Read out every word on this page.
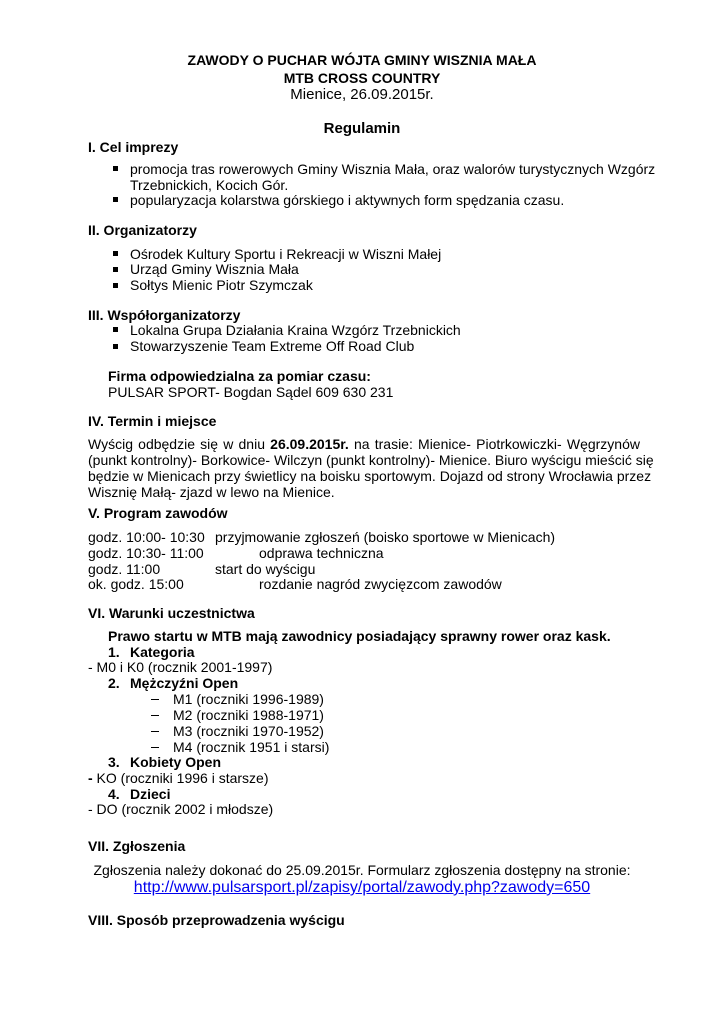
ZAWODY O PUCHAR WÓJTA GMINY WISZNIA MAŁA
MTB CROSS COUNTRY
Mienice, 26.09.2015r.
Regulamin
I. Cel imprezy
promocja tras rowerowych Gminy Wisznia Mała, oraz walorów turystycznych Wzgórz
Trzebnickich, Kocich Gór.
popularyzacja kolarstwa górskiego i aktywnych form spędzania czasu.
II. Organizatorzy
Ośrodek Kultury Sportu i Rekreacji w Wiszni Małej
Urząd Gminy Wisznia Mała
Sołtys Mienic Piotr Szymczak
III. Współorganizatorzy
Lokalna Grupa Działania Kraina Wzgórz Trzebnickich
Stowarzyszenie Team Extreme Off Road Club
Firma odpowiedzialna za pomiar czasu:
PULSAR SPORT- Bogdan Sądel 609 630 231
IV. Termin i miejsce
Wyścig odbędzie się w dniu 26.09.2015r. na trasie: Mienice- Piotrkowiczki- Węgrzynów
(punkt kontrolny)- Borkowice- Wilczyn (punkt kontrolny)- Mienice. Biuro wyścigu mieścić się
będzie w Mienicach przy świetlicy na boisku sportowym. Dojazd od strony Wrocławia przez
Wisznię Małą- zjazd w lewo na Mienice.
V. Program zawodów
godz. 10:00- 10:30 przyjmowanie zgłoszeń (boisko sportowe w Mienicach)
godz. 10:30- 11:00	odprawa techniczna
godz. 11:00	start do wyścigu
ok. godz. 15:00	rozdanie nagród zwycięzcom zawodów
VI. Warunki uczestnictwa
Prawo startu w MTB mają zawodnicy posiadający sprawny rower oraz kask.
1. Kategoria
- M0 i K0 (rocznik 2001-1997)
2. Mężczyźni Open
M1 (roczniki 1996-1989)
M2 (roczniki 1988-1971)
M3 (roczniki 1970-1952)
M4 (rocznik 1951 i starsi)
3. Kobiety Open
- KO (roczniki 1996 i starsze)
4. Dzieci
- DO (rocznik 2002 i młodsze)
VII. Zgłoszenia
Zgłoszenia należy dokonać do 25.09.2015r. Formularz zgłoszenia dostępny na stronie:
http://www.pulsarsport.pl/zapisy/portal/zawody.php?zawody=650
VIII. Sposób przeprowadzenia wyścigu
